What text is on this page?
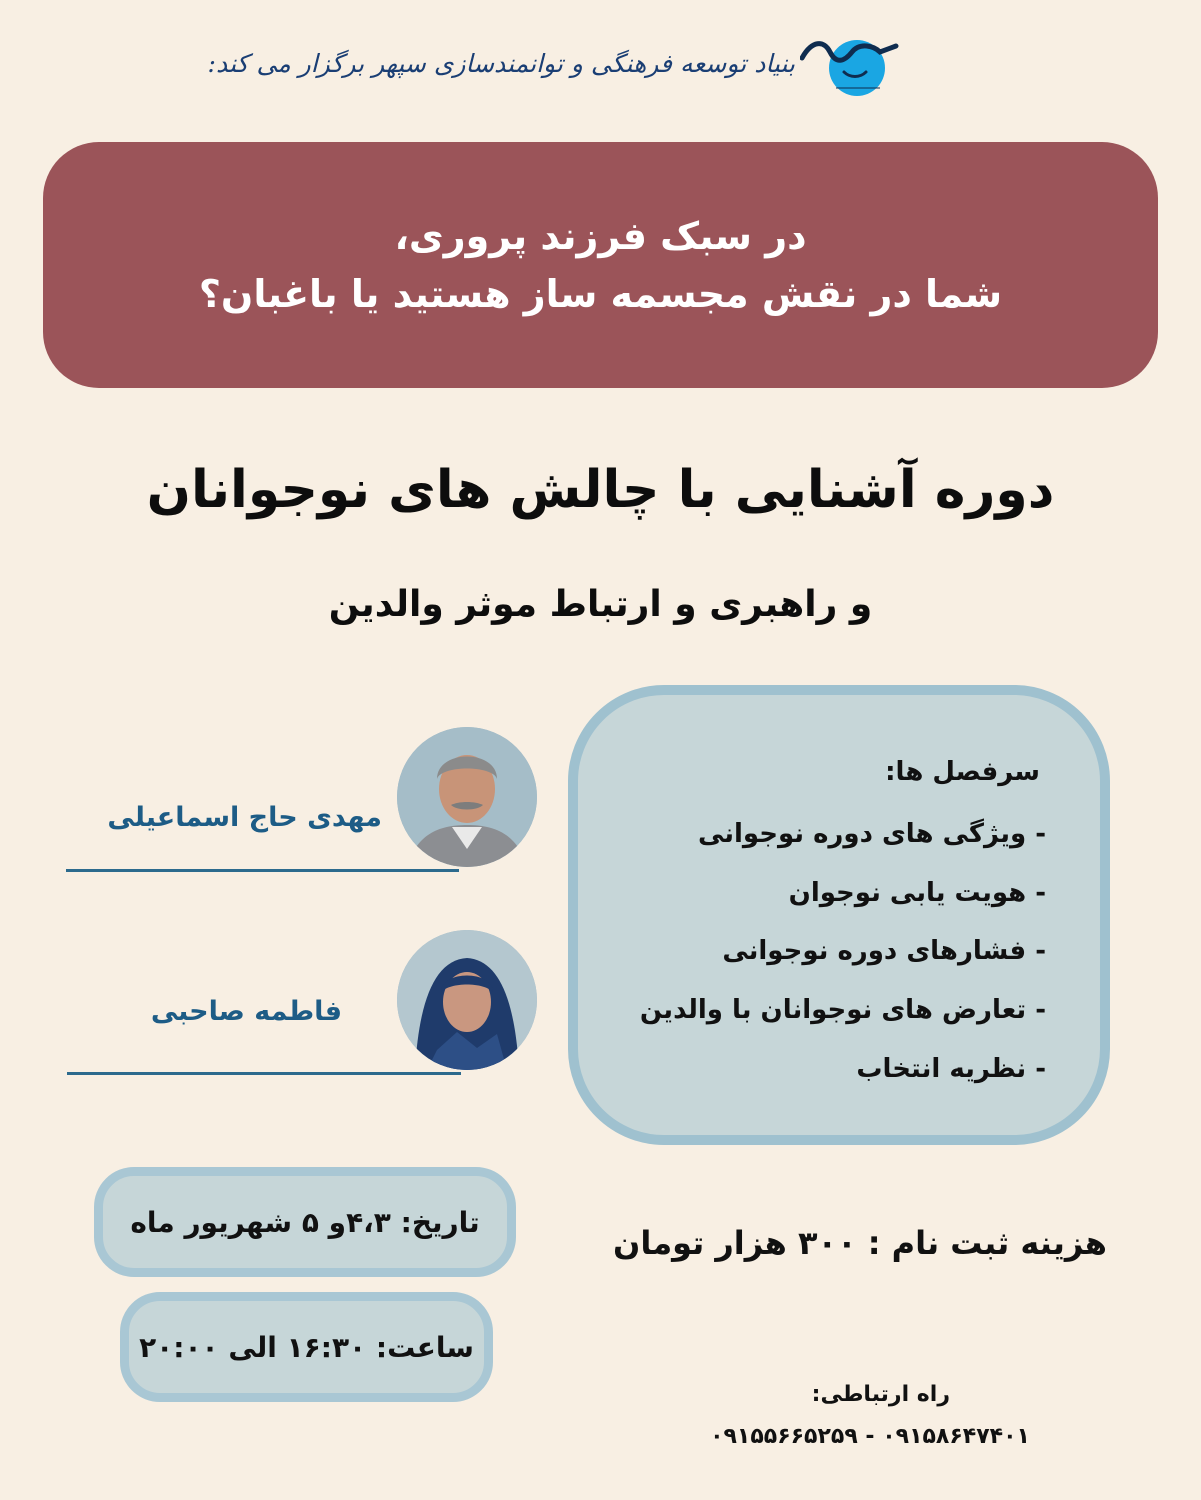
بنیاد توسعه فرهنگی و توانمندسازی سپهر برگزار می کند:
در سبک فرزند پروری،
شما در نقش مجسمه ساز هستید یا باغبان؟
دوره آشنایی با چالش های نوجوانان
و راهبری و ارتباط موثر والدین
سرفصل ها:
- ویژگی های دوره نوجوانی
- هویت یابی نوجوان
- فشارهای دوره نوجوانی
- تعارض های نوجوانان با والدین
- نظریه انتخاب
مهدی حاج اسماعیلی
فاطمه صاحبی
تاریخ: ۴،۳و ۵ شهریور ماه
ساعت: ۱۶:۳۰ الی ۲۰:۰۰
هزینه ثبت نام : ۳۰۰ هزار تومان
راه ارتباطی:
۰۹۱۵۵۶۶۵۲۵۹ - ۰۹۱۵۸۶۴۷۴۰۱
